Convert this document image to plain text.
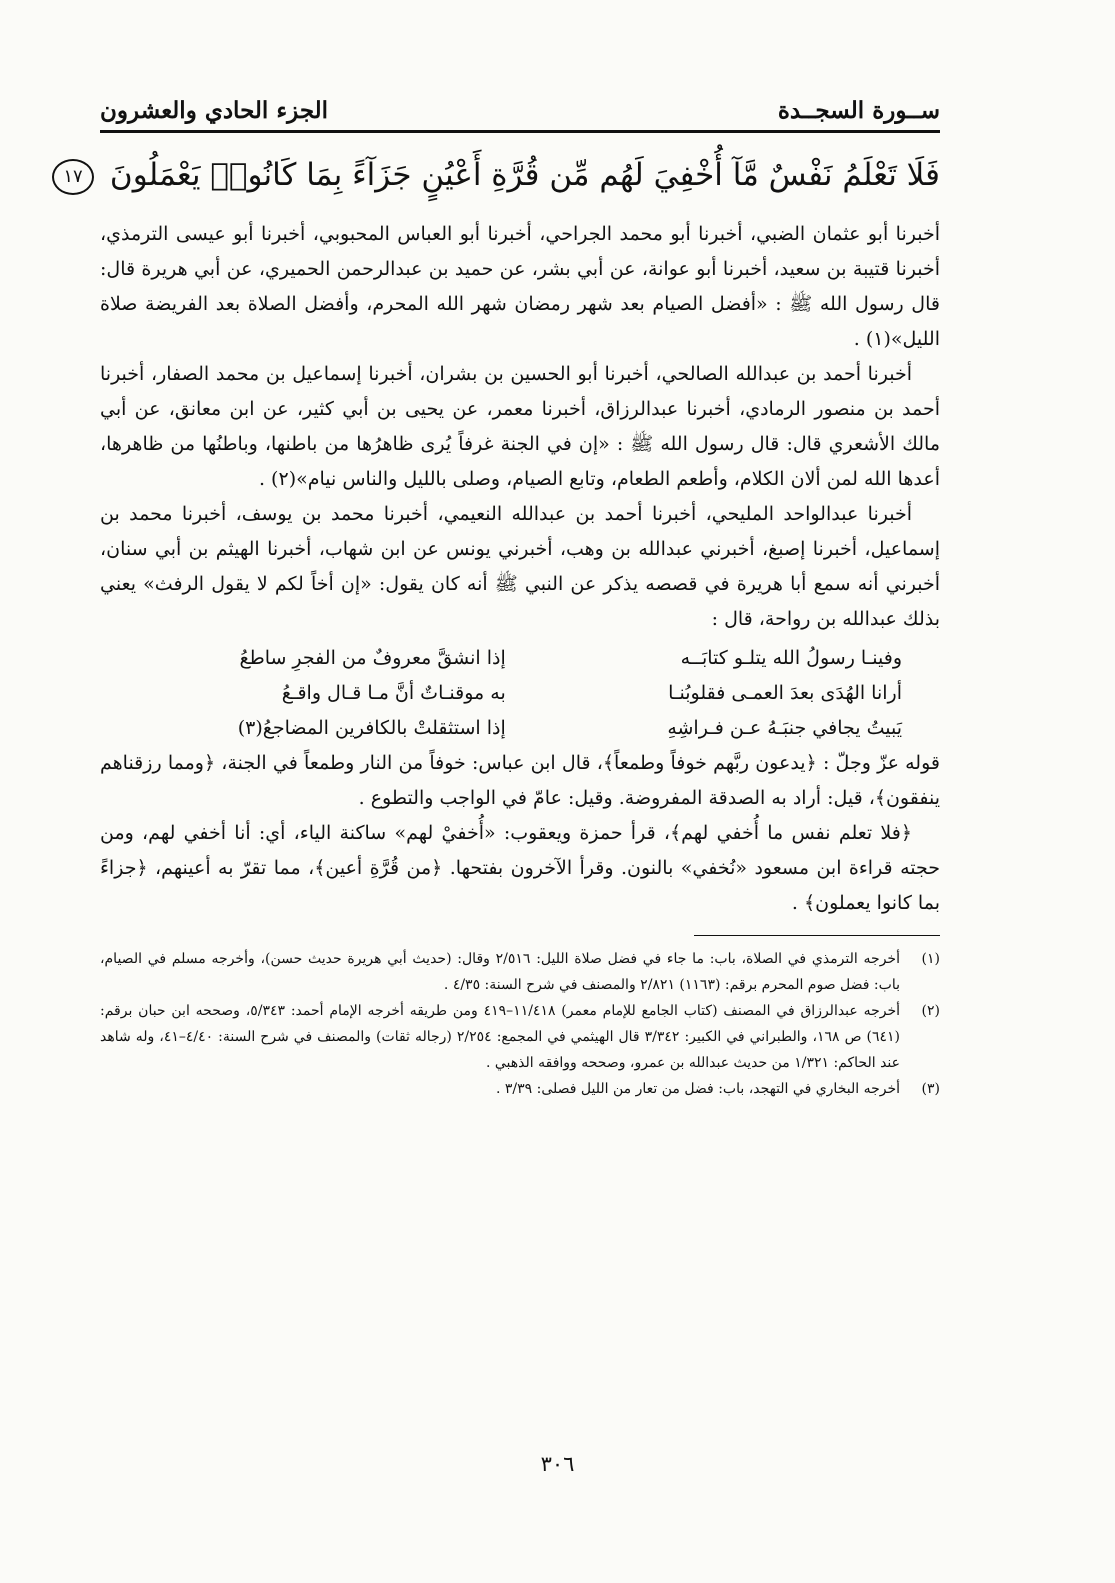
ســورة السجــدة
الجزء الحادي والعشرون
فَلَا تَعْلَمُ نَفْسٌ مَّآ أُخْفِيَ لَهُم مِّن قُرَّةِ أَعْيُنٍ جَزَآءً بِمَا كَانُوا۟ يَعْمَلُونَ ١٧

أخبرنا أبو عثمان الضبي، أخبرنا أبو محمد الجراحي، أخبرنا أبو العباس المحبوبي، أخبرنا أبو عيسى الترمذي، أخبرنا قتيبة بن سعيد، أخبرنا أبو عوانة، عن أبي بشر، عن حميد بن عبدالرحمن الحميري، عن أبي هريرة قال: قال رسول الله ﷺ : «أفضل الصيام بعد شهر رمضان شهر الله المحرم، وأفضل الصلاة بعد الفريضة صلاة الليل»(١) .

أخبرنا أحمد بن عبدالله الصالحي، أخبرنا أبو الحسين بن بشران، أخبرنا إسماعيل بن محمد الصفار، أخبرنا أحمد بن منصور الرمادي، أخبرنا عبدالرزاق، أخبرنا معمر، عن يحيى بن أبي كثير، عن ابن معانق، عن أبي مالك الأشعري قال: قال رسول الله ﷺ : «إن في الجنة غرفاً يُرى ظاهرُها من باطنها، وباطنُها من ظاهرها، أعدها الله لمن ألان الكلام، وأطعم الطعام، وتابع الصيام، وصلى بالليل والناس نيام»(٢) .

أخبرنا عبدالواحد المليحي، أخبرنا أحمد بن عبدالله النعيمي، أخبرنا محمد بن يوسف، أخبرنا محمد بن إسماعيل، أخبرنا إصبغ، أخبرني عبدالله بن وهب، أخبرني يونس عن ابن شهاب، أخبرنا الهيثم بن أبي سنان، أخبرني أنه سمع أبا هريرة في قصصه يذكر عن النبي ﷺ أنه كان يقول: «إن أخاً لكم لا يقول الرفث» يعني بذلك عبدالله بن رواحة، قال :

وفينـا رسولُ الله يتلـو كتابَــه
إذا انشقَّ معروفٌ من الفجرِ ساطعُ
أرانا الهُدَى بعدَ العمـى فقلوبُنـا
به موقنـاتٌ أنَّ مـا قـال واقـعُ
يَبيتُ يجافي جنبَـهُ عـن فـراشِهِ
إذا استثقلتْ بالكافرين المضاجعُ(٣)

قوله عزّ وجلّ : ﴿يدعون ربَّهم خوفاً وطمعاً﴾، قال ابن عباس: خوفاً من النار وطمعاً في الجنة، ﴿ومما رزقناهم ينفقون﴾، قيل: أراد به الصدقة المفروضة. وقيل: عامّ في الواجب والتطوع .

﴿فلا تعلم نفس ما أُخفي لهم﴾، قرأ حمزة ويعقوب: «أُخفيْ لهم» ساكنة الياء، أي: أنا أخفي لهم، ومن حجته قراءة ابن مسعود «نُخفي» بالنون. وقرأ الآخرون بفتحها. ﴿من قُرَّةِ أعين﴾، مما تقرّ به أعينهم، ﴿جزاءً بما كانوا يعملون﴾ .

(١)
أخرجه الترمذي في الصلاة، باب: ما جاء في فضل صلاة الليل: ٢/٥١٦ وقال: (حديث أبي هريرة حديث حسن)، وأخرجه مسلم في الصيام، باب: فضل صوم المحرم برقم: (١١٦٣) ٢/٨٢١ والمصنف في شرح السنة: ٤/٣٥ .
(٢)
أخرجه عبدالرزاق في المصنف (كتاب الجامع للإمام معمر) ١١/٤١٨–٤١٩ ومن طريقه أخرجه الإمام أحمد: ٥/٣٤٣، وصححه ابن حبان برقم: (٦٤١) ص ١٦٨، والطبراني في الكبير: ٣/٣٤٢ قال الهيثمي في المجمع: ٢/٢٥٤ (رجاله ثقات) والمصنف في شرح السنة: ٤/٤٠–٤١، وله شاهد عند الحاكم: ١/٣٢١ من حديث عبدالله بن عمرو، وصححه ووافقه الذهبي .
(٣)
أخرجه البخاري في التهجد، باب: فضل من تعار من الليل فصلى: ٣/٣٩ .
٣٠٦
